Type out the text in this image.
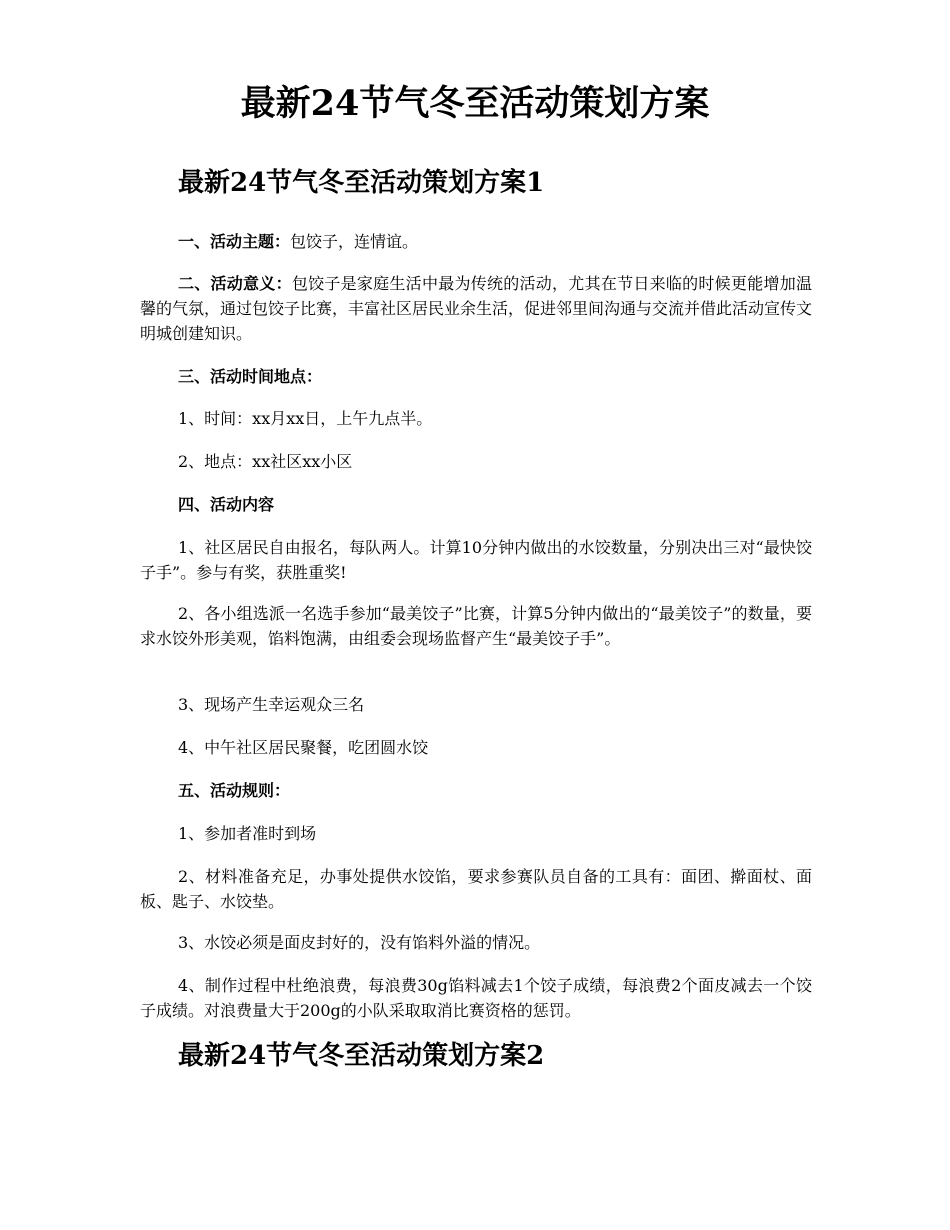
最新24节气冬至活动策划方案
最新24节气冬至活动策划方案1

一、活动主题：包饺子，连情谊。

二、活动意义：包饺子是家庭生活中最为传统的活动，尤其在节日来临的时候更能增加温馨的气氛，通过包饺子比赛，丰富社区居民业余生活，促进邻里间沟通与交流并借此活动宣传文明城创建知识。

三、活动时间地点：

1、时间：xx月xx日，上午九点半。

2、地点：xx社区xx小区

四、活动内容

1、社区居民自由报名，每队两人。计算10分钟内做出的水饺数量，分别决出三对“最快饺子手”。参与有奖，获胜重奖!

2、各小组选派一名选手参加“最美饺子”比赛，计算5分钟内做出的“最美饺子”的数量，要求水饺外形美观，馅料饱满，由组委会现场监督产生“最美饺子手”。

3、现场产生幸运观众三名

4、中午社区居民聚餐，吃团圆水饺

五、活动规则：

1、参加者准时到场

2、材料准备充足，办事处提供水饺馅，要求参赛队员自备的工具有：面团、擀面杖、面板、匙子、水饺垫。

3、水饺必须是面皮封好的，没有馅料外溢的情况。

4、制作过程中杜绝浪费，每浪费30g馅料减去1个饺子成绩，每浪费2个面皮减去一个饺子成绩。对浪费量大于200g的小队采取取消比赛资格的惩罚。

最新24节气冬至活动策划方案2
